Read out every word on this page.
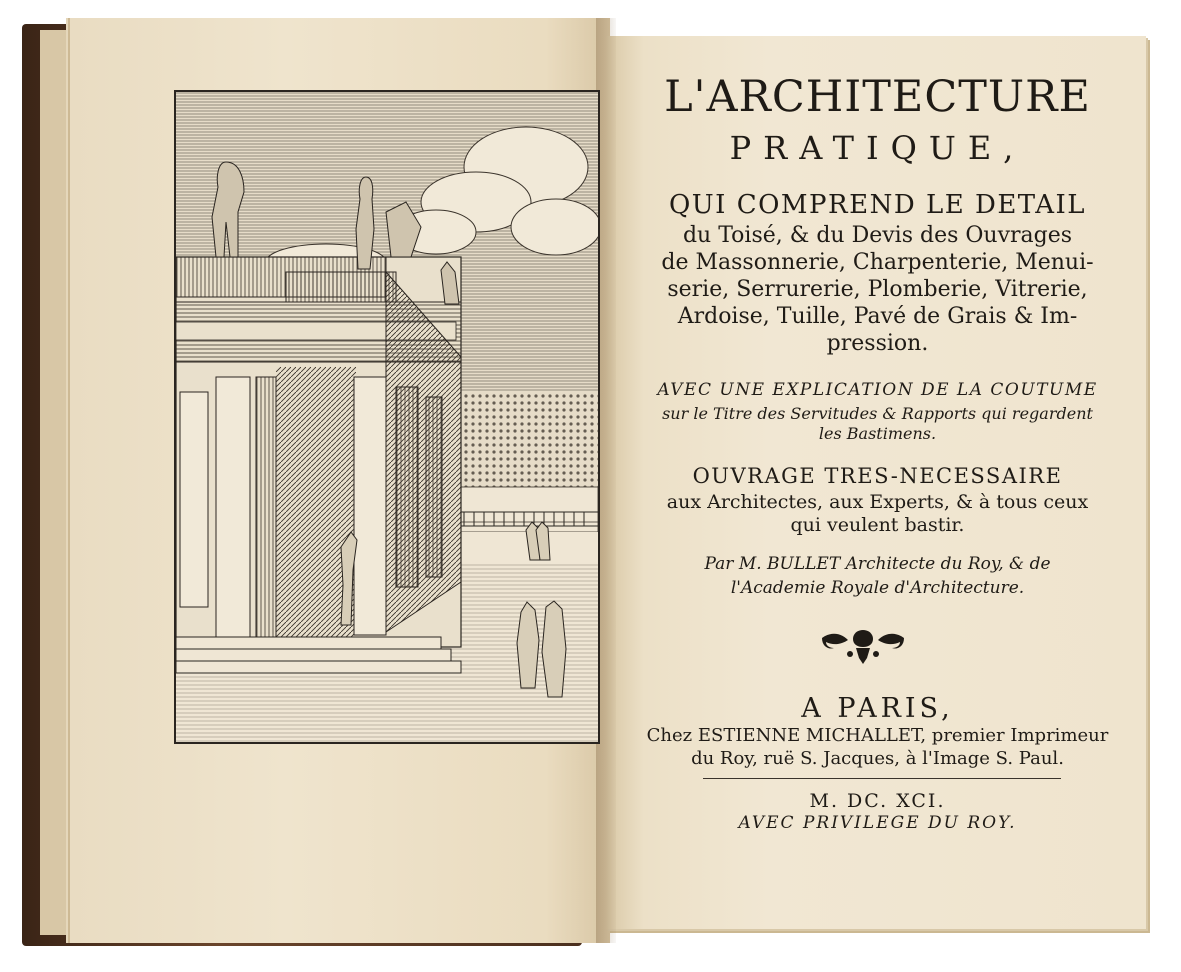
L'ARCHITECTURE
PRATIQUE,
QUI COMPREND LE DETAIL
du Toisé, & du Devis des Ouvrages
de Massonnerie, Charpenterie, Menui-
serie, Serrurerie, Plomberie, Vitrerie,
Ardoise, Tuille, Pavé de Grais & Im-
pression.
AVEC UNE EXPLICATION DE LA COUTUME
sur le Titre des Servitudes & Rapports qui regardent
les Bastimens.
OUVRAGE TRES-NECESSAIRE
aux Architectes, aux Experts, & à tous ceux
qui veulent bastir.
Par M. BULLET Architecte du Roy, & de
l'Academie Royale d'Architecture.
A PARIS,
Chez ESTIENNE MICHALLET, premier Imprimeur
du Roy, ruë S. Jacques, à l'Image S. Paul.
M. DC. XCI.
AVEC PRIVILEGE DU ROY.
